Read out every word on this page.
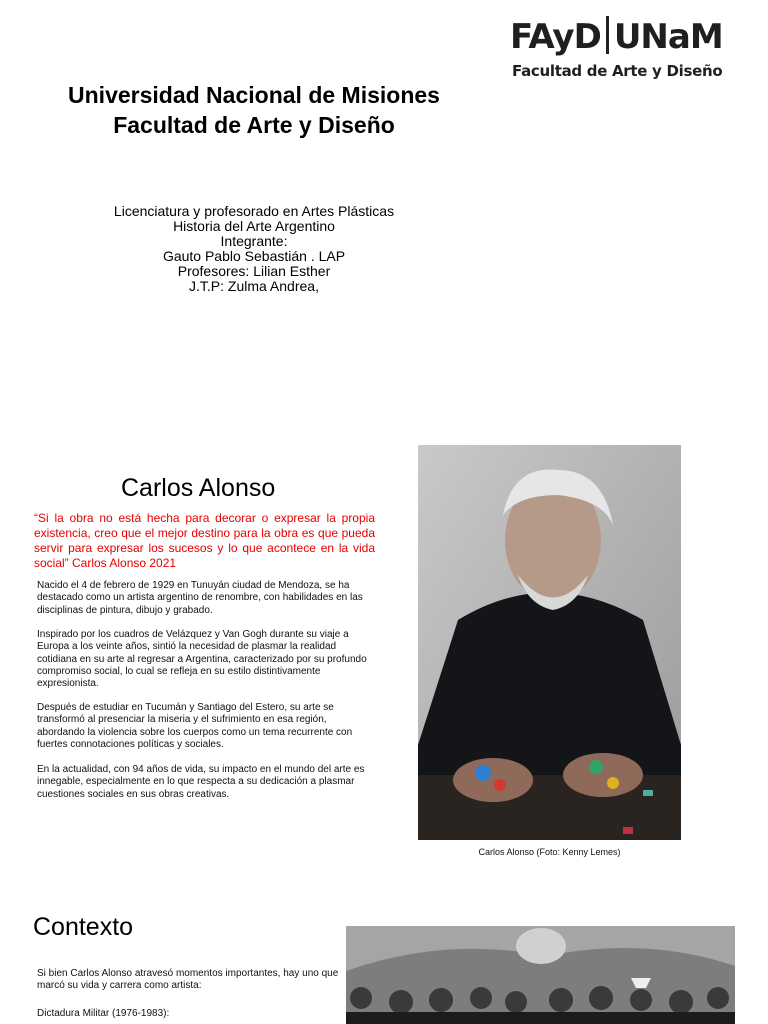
FAyD UNaM
Facultad de Arte y Diseño
Universidad Nacional de Misiones
Facultad de Arte y Diseño
Licenciatura y profesorado en Artes Plásticas
Historia del Arte Argentino
Integrante:
Gauto Pablo Sebastián . LAP
Profesores: Lilian Esther
J.T.P: Zulma Andrea,
Carlos Alonso
“Si la obra no está hecha para decorar o expresar la propia existencia, creo que el mejor destino para la obra es que pueda servir para expresar los sucesos y lo que acontece en la vida social” Carlos Alonso 2021
Nacido el 4 de febrero de 1929 en Tunuyán ciudad de Mendoza, se ha destacado como un artista argentino de renombre, con habilidades en las disciplinas de pintura, dibujo y grabado.
Inspirado por los cuadros de Velázquez y Van Gogh durante su viaje a Europa a los veinte años, sintió la necesidad de plasmar la realidad cotidiana en su arte al regresar a Argentina, caracterizado por su profundo compromiso social, lo cual se refleja en su estilo distintivamente expresionista.
Después de estudiar en Tucumán y Santiago del Estero, su arte se transformó al presenciar la miseria y el sufrimiento en esa región, abordando la violencia sobre los cuerpos como un tema recurrente con fuertes connotaciones políticas y sociales.
En la actualidad, con 94 años de vida, su impacto en el mundo del arte es innegable, especialmente en lo que respecta a su dedicación a plasmar cuestiones sociales en sus obras creativas.
Carlos Alonso (Foto: Kenny Lemes)
Contexto
Si bien Carlos Alonso atravesó momentos importantes, hay uno que marcó su vida y carrera como artista:
Dictadura Militar (1976-1983):
